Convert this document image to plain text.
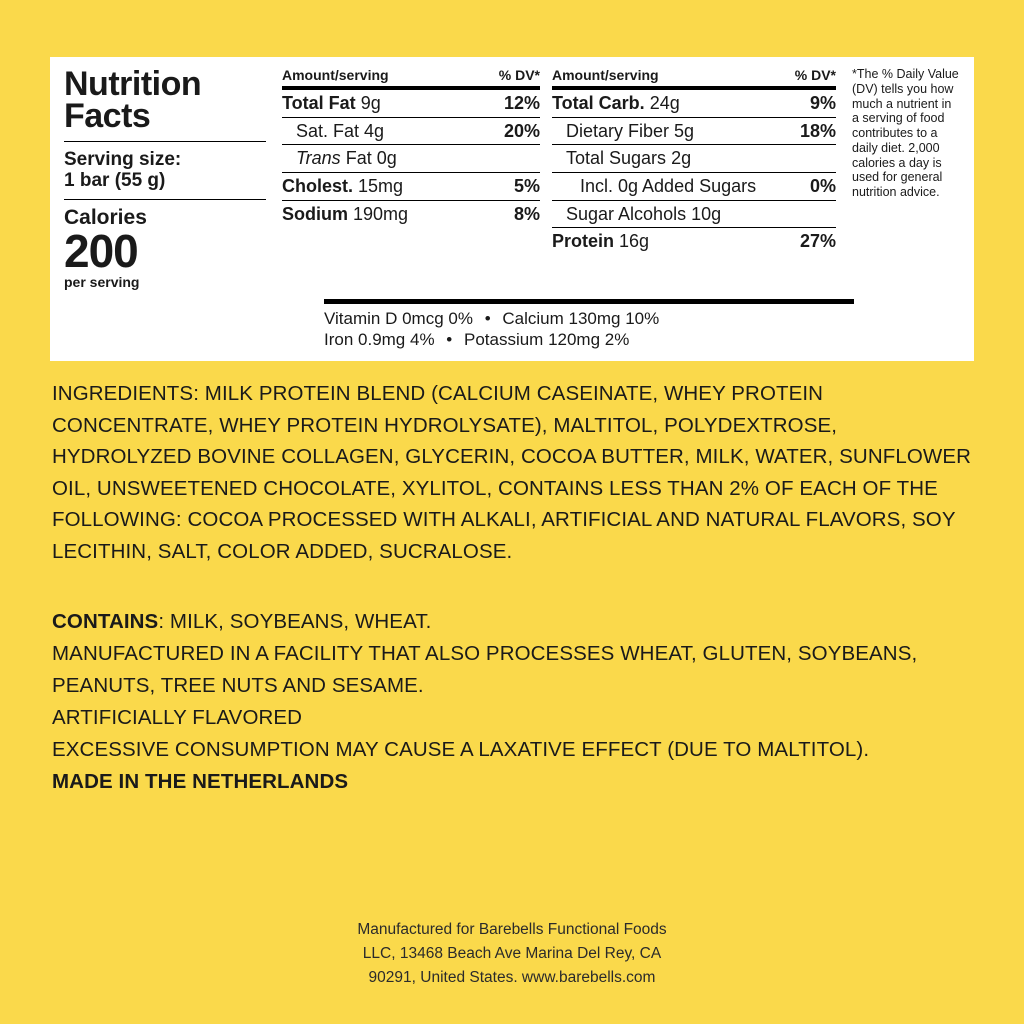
Nutrition
Facts
Serving size:
1 bar (55 g)
Calories
200
per serving
Amount/serving	% DV*
Total Fat 9g	12%
Sat. Fat 4g	20%
Trans Fat 0g
Cholest. 15mg	5%
Sodium 190mg	8%
Amount/serving	% DV*
Total Carb. 24g	9%
Dietary Fiber 5g	18%
Total Sugars 2g
Incl. 0g Added Sugars	0%
Sugar Alcohols 10g
Protein 16g	27%
*The % Daily Value (DV) tells you how much a nutrient in a serving of food contributes to a daily diet. 2,000 calories a day is used for general nutrition advice.
Vitamin D 0mcg 0% • Calcium 130mg 10%
Iron 0.9mg 4% • Potassium 120mg 2%
INGREDIENTS: MILK PROTEIN BLEND (CALCIUM CASEINATE, WHEY PROTEIN CONCENTRATE, WHEY PROTEIN HYDROLYSATE), MALTITOL, POLYDEXTROSE, HYDROLYZED BOVINE COLLAGEN, GLYCERIN, COCOA BUTTER, MILK, WATER, SUNFLOWER OIL, UNSWEETENED CHOCOLATE, XYLITOL, CONTAINS LESS THAN 2% OF EACH OF THE FOLLOWING: COCOA PROCESSED WITH ALKALI, ARTIFICIAL AND NATURAL FLAVORS, SOY LECITHIN, SALT, COLOR ADDED, SUCRALOSE.
CONTAINS: MILK, SOYBEANS, WHEAT.
MANUFACTURED IN A FACILITY THAT ALSO PROCESSES WHEAT, GLUTEN, SOYBEANS, PEANUTS, TREE NUTS AND SESAME.
ARTIFICIALLY FLAVORED
EXCESSIVE CONSUMPTION MAY CAUSE A LAXATIVE EFFECT (DUE TO MALTITOL).
MADE IN THE NETHERLANDS
Manufactured for Barebells Functional Foods
LLC, 13468 Beach Ave Marina Del Rey, CA
90291, United States. www.barebells.com
